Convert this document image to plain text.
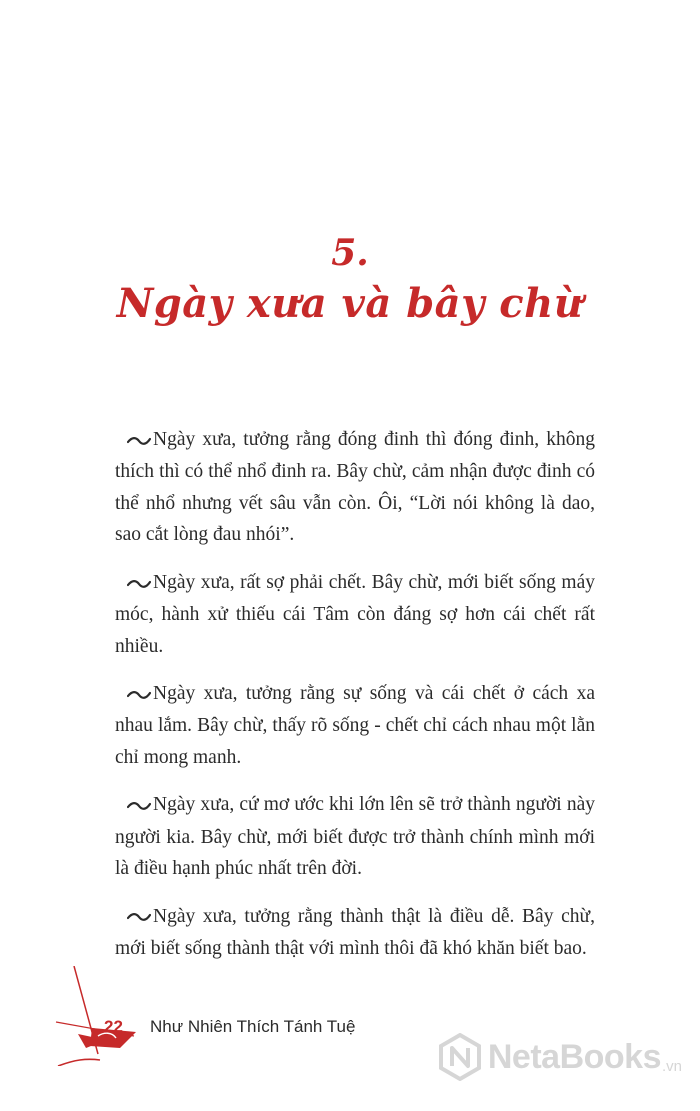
5.
Ngày xưa và bây chừ

Ngày xưa, tưởng rằng đóng đinh thì đóng đinh, không thích thì có thể nhổ đinh ra. Bây chừ, cảm nhận được đinh có thể nhổ nhưng vết sâu vẫn còn. Ôi, “Lời nói không là dao, sao cắt lòng đau nhói”.

Ngày xưa, rất sợ phải chết. Bây chừ, mới biết sống máy móc, hành xử thiếu cái Tâm còn đáng sợ hơn cái chết rất nhiều.

Ngày xưa, tưởng rằng sự sống và cái chết ở cách xa nhau lắm. Bây chừ, thấy rõ sống - chết chỉ cách nhau một lằn chỉ mong manh.

Ngày xưa, cứ mơ ước khi lớn lên sẽ trở thành người này người kia. Bây chừ, mới biết được trở thành chính mình mới là điều hạnh phúc nhất trên đời.

Ngày xưa, tưởng rằng thành thật là điều dễ. Bây chừ, mới biết sống thành thật với mình thôi đã khó khăn biết bao.

22 Như Nhiên Thích Tánh Tuệ
NetaBooks .vn
